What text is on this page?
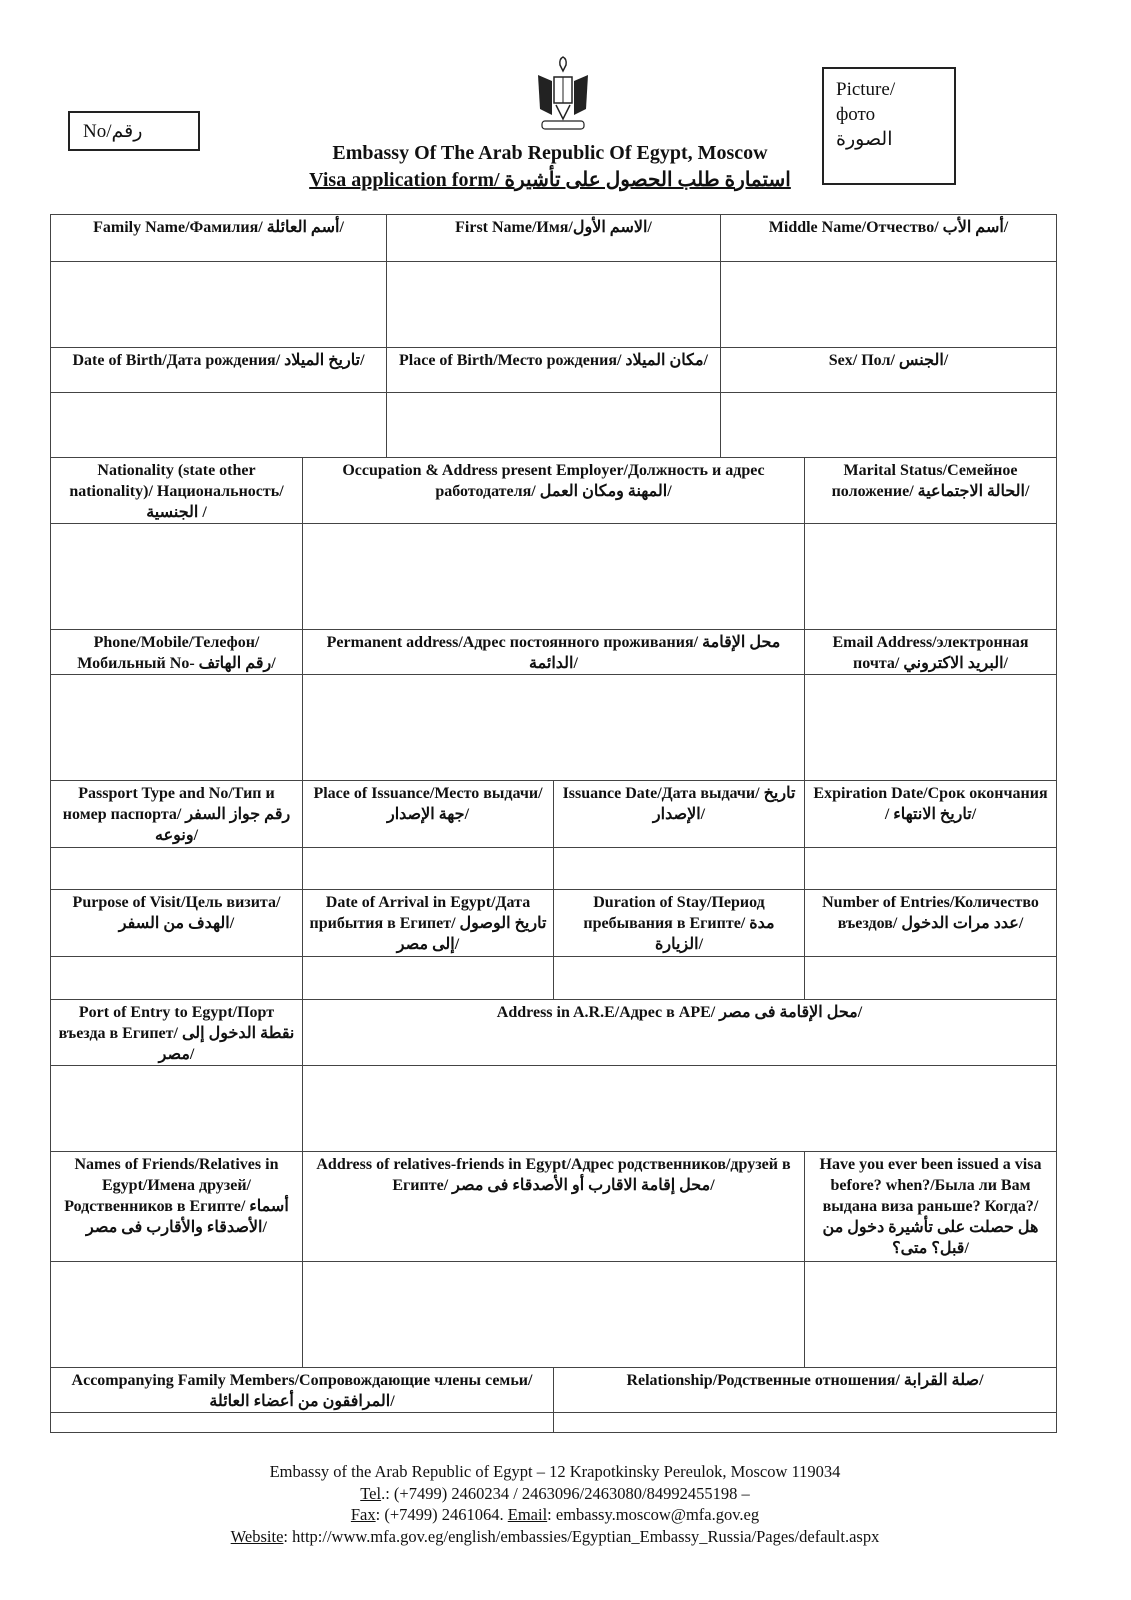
No/رقم
Embassy Of The Arab Republic Of Egypt, Moscow
Visa application form/ استمارة طلب الحصول على تأشيرة
Picture/
фото
الصورة
Family Name/Фамилия/ أسم العائلة/		First Name/Имя/الاسم الأول/		Middle Name/Отчество/ أسم الأب/	

Date of Birth/Дата рождения/ تاريخ الميلاد/		Place of Birth/Место рождения/ مكان الميلاد/		Sex/ Пол/ الجنس/	

Nationality (state other nationality)/ Национальность/ الجنسية /	Occupation & Address present Employer/Должность и адрес работодателя/ المهنة ومكان العمل/				Marital Status/Семейное положение/ الحالة الاجتماعية/

Phone/Mobile/Телефон/ Мобильный No- رقم الهاتف/	Permanent address/Адрес постоянного проживания/ محل الإقامة الدائمة/				Email Address/электронная почта/ البريد الاكتروني/

Passport Type and No/Тип и номер паспорта/ رقم جواز السفر ونوعه/	Place of Issuance/Место выдачи/ جهة الإصدار/		Issuance Date/Дата выдачи/ تاريخ الإصدار/		Expiration Date/Срок окончания / تاريخ الانتهاء/

Purpose of Visit/Цель визита/ الهدف من السفر/	Date of Arrival in Egypt/Дата прибытия в Египет/ تاريخ الوصول إلى مصر/		Duration of Stay/Период пребывания в Египте/ مدة الزيارة/		Number of Entries/Количество въездов/ عدد مرات الدخول/

Port of Entry to Egypt/Порт въезда в Египет/ نقطة الدخول إلى مصر/	Address in A.R.E/Адрес в АРЕ/ محل الإقامة فى مصر/				

Names of Friends/Relatives in Egypt/Имена друзей/Родственников в Египте/ أسماء الأصدقاء والأقارب فى مصر/	Address of relatives-friends in Egypt/Адрес родственников/друзей в Египте/ محل إقامة الاقارب أو الأصدقاء فى مصر/				Have you ever been issued a visa before? when?/Была ли Вам выдана виза раньше? Когда?/ هل حصلت على تأشيرة دخول من قبل؟ متى؟/

Accompanying Family Members/Сопровождающие члены семьи/ المرافقون من أعضاء العائلة/			Relationship/Родственные отношения/ صلة القرابة/		

Embassy of the Arab Republic of Egypt – 12 Krapotkinsky Pereulok, Moscow 119034
Tel.: (+7499) 2460234 / 2463096/2463080/84992455198 –
Fax: (+7499) 2461064. Email: embassy.moscow@mfa.gov.eg
Website: http://www.mfa.gov.eg/english/embassies/Egyptian_Embassy_Russia/Pages/default.aspx
